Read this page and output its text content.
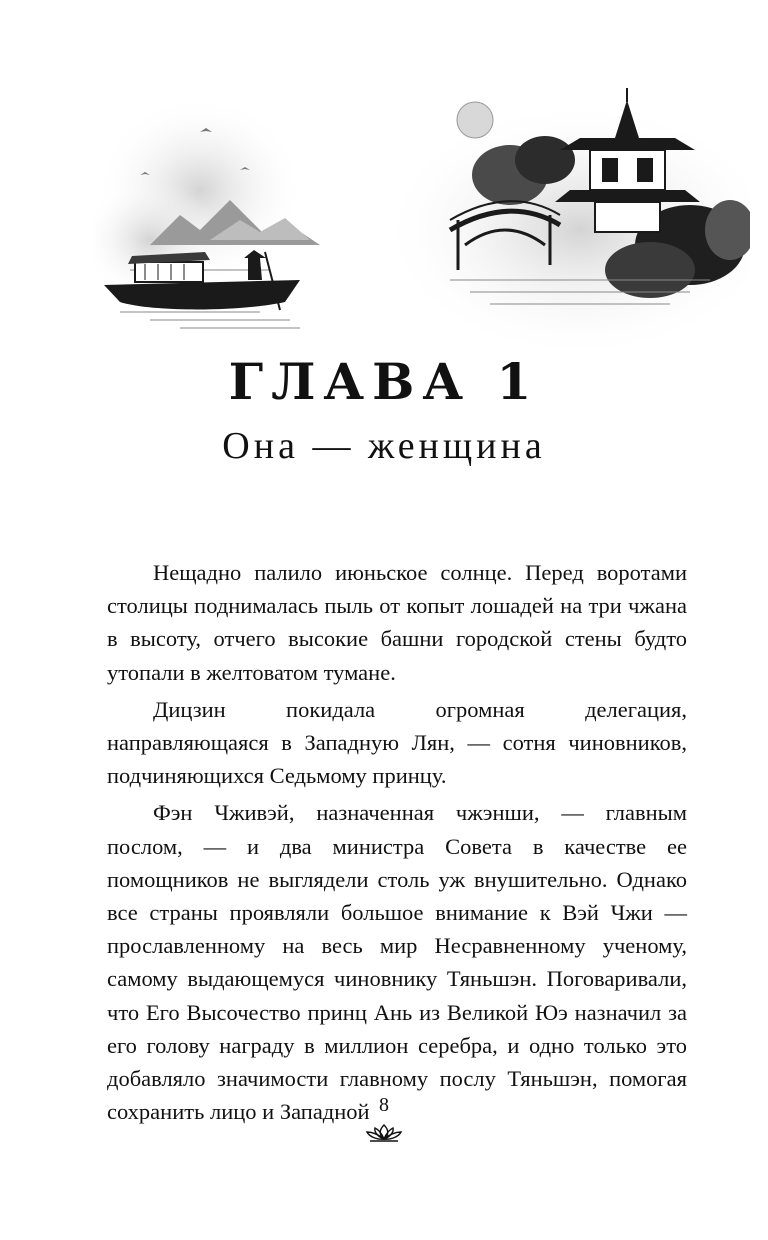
ГЛАВА 1
Она — женщина

Нещадно палило июньское солнце. Перед воротами столицы поднималась пыль от копыт лошадей на три чжана в высоту, отчего высокие башни городской стены будто утопали в желтоватом тумане.

Дицзин покидала огромная делегация, направляющаяся в Западную Лян, — сотня чиновников, подчиняющихся Седьмому принцу.

Фэн Чживэй, назначенная чжэнши, — главным послом, — и два министра Совета в качестве ее помощников не выглядели столь уж внушительно. Однако все страны проявляли большое внимание к Вэй Чжи — прославленному на весь мир Несравненному ученому, самому выдающемуся чиновнику Тяньшэн. Поговаривали, что Его Высочество принц Ань из Великой Юэ назначил за его голову награду в миллион серебра, и одно только это добавляло значимости главному послу Тяньшэн, помогая сохранить лицо и Западной 8
